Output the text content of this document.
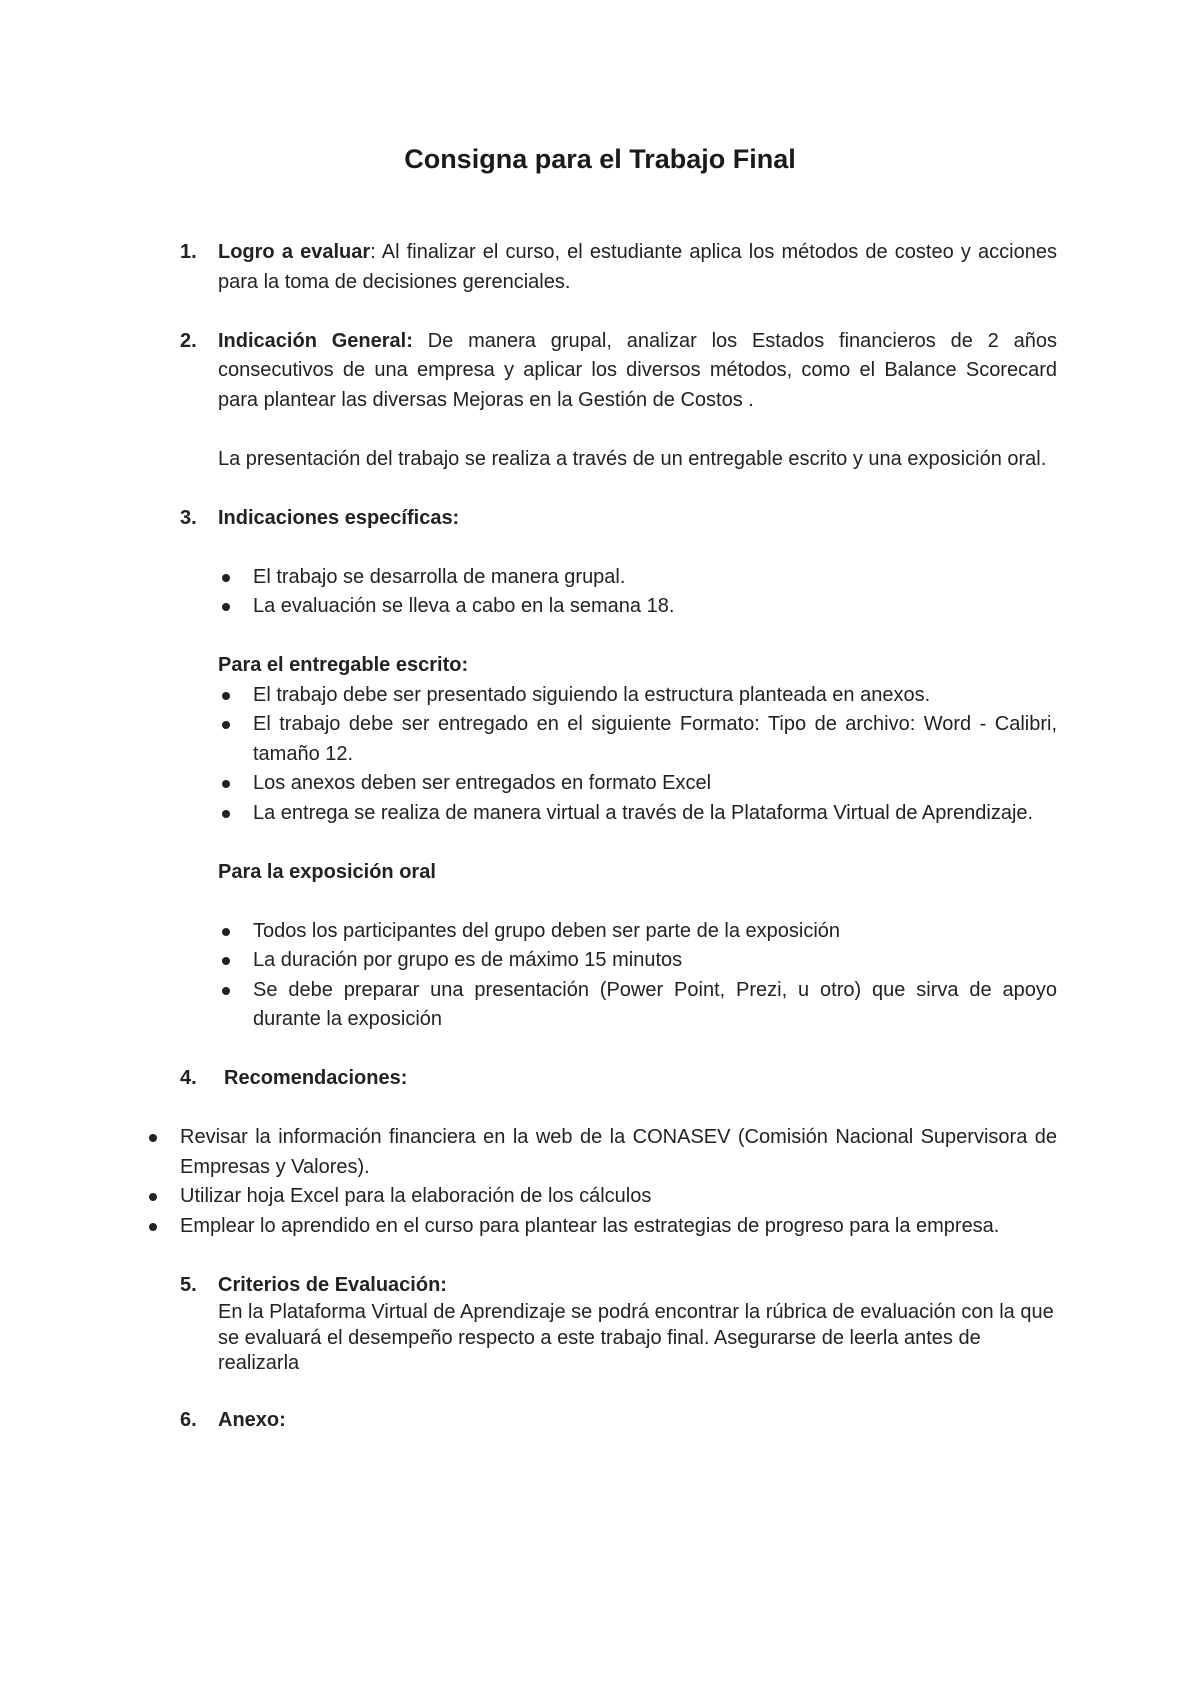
Consigna para el Trabajo Final
1. Logro a evaluar: Al finalizar el curso, el estudiante aplica los métodos de costeo y acciones para la toma de decisiones gerenciales.

2. Indicación General: De manera grupal, analizar los Estados financieros de 2 años consecutivos de una empresa y aplicar los diversos métodos, como el Balance Scorecard para plantear las diversas Mejoras en la Gestión de Costos .

La presentación del trabajo se realiza a través de un entregable escrito y una exposición oral.

3. Indicaciones específicas:

El trabajo se desarrolla de manera grupal.
La evaluación se lleva a cabo en la semana 18.

Para el entregable escrito:

El trabajo debe ser presentado siguiendo la estructura planteada en anexos.
El trabajo debe ser entregado en el siguiente Formato: Tipo de archivo: Word - Calibri, tamaño 12.
Los anexos deben ser entregados en formato Excel
La entrega se realiza de manera virtual a través de la Plataforma Virtual de Aprendizaje.

Para la exposición oral

Todos los participantes del grupo deben ser parte de la exposición
La duración por grupo es de máximo 15 minutos
Se debe preparar una presentación (Power Point, Prezi, u otro) que sirva de apoyo durante la exposición
4.	Recomendaciones:

Revisar la información financiera en la web de la CONASEV (Comisión Nacional Supervisora de Empresas y Valores).
Utilizar hoja Excel para la elaboración de los cálculos
Emplear lo aprendido en el curso para plantear las estrategias de progreso para la empresa.
5. Criterios de Evaluación:

En la Plataforma Virtual de Aprendizaje se podrá encontrar la rúbrica de evaluación con la que se evaluará el desempeño respecto a este trabajo final. Asegurarse de leerla antes de realizarla

6. Anexo:
